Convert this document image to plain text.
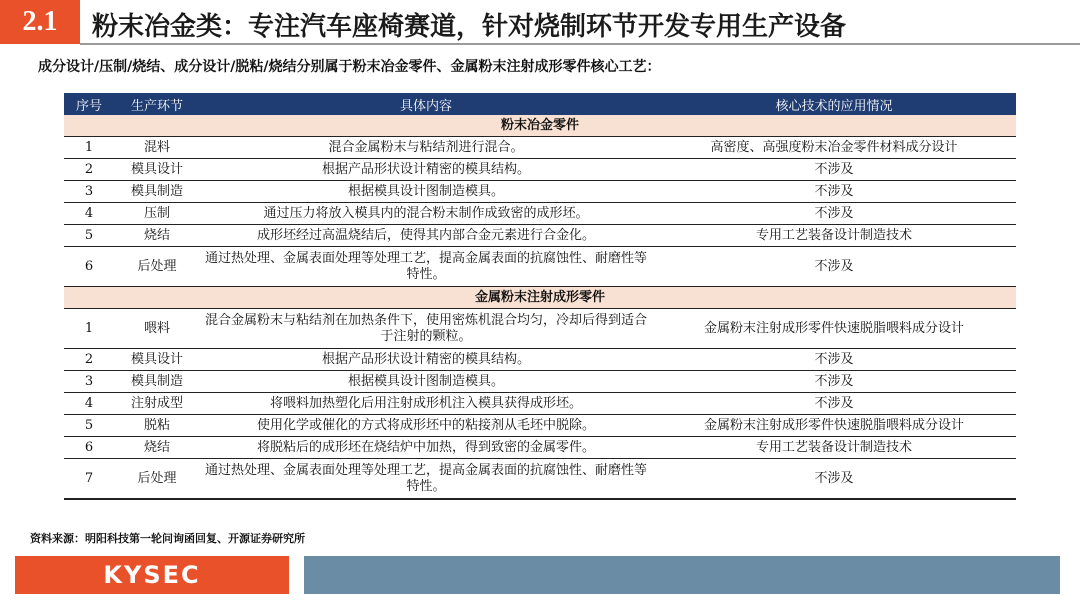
2.1	粉末冶金类：专注汽车座椅赛道，针对烧制环节开发专用生产设备
成分设计/压制/烧结、成分设计/脱粘/烧结分别属于粉末冶金零件、金属粉末注射成形零件核心工艺：
序号	生产环节	具体内容	核心技术的应用情况
粉末冶金零件			
1	混料	混合金属粉末与粘结剂进行混合。	高密度、高强度粉末冶金零件材料成分设计
2	模具设计	根据产品形状设计精密的模具结构。	不涉及
3	模具制造	根据模具设计图制造模具。	不涉及
4	压制	通过压力将放入模具内的混合粉末制作成致密的成形坯。	不涉及
5	烧结	成形坯经过高温烧结后，使得其内部合金元素进行合金化。	专用工艺装备设计制造技术
6	后处理	通过热处理、金属表面处理等处理工艺，提高金属表面的抗腐蚀性、耐磨性等特性。	不涉及
金属粉末注射成形零件			
1	喂料	混合金属粉末与粘结剂在加热条件下，使用密炼机混合均匀，冷却后得到适合于注射的颗粒。	金属粉末注射成形零件快速脱脂喂料成分设计
2	模具设计	根据产品形状设计精密的模具结构。	不涉及
3	模具制造	根据模具设计图制造模具。	不涉及
4	注射成型	将喂料加热塑化后用注射成形机注入模具获得成形坯。	不涉及
5	脱粘	使用化学或催化的方式将成形坯中的粘接剂从毛坯中脱除。	金属粉末注射成形零件快速脱脂喂料成分设计
6	烧结	将脱粘后的成形坯在烧结炉中加热，得到致密的金属零件。	专用工艺装备设计制造技术
7	后处理	通过热处理、金属表面处理等处理工艺，提高金属表面的抗腐蚀性、耐磨性等特性。	不涉及
资料来源：明阳科技第一轮问询函回复、开源证券研究所
KYSEC
